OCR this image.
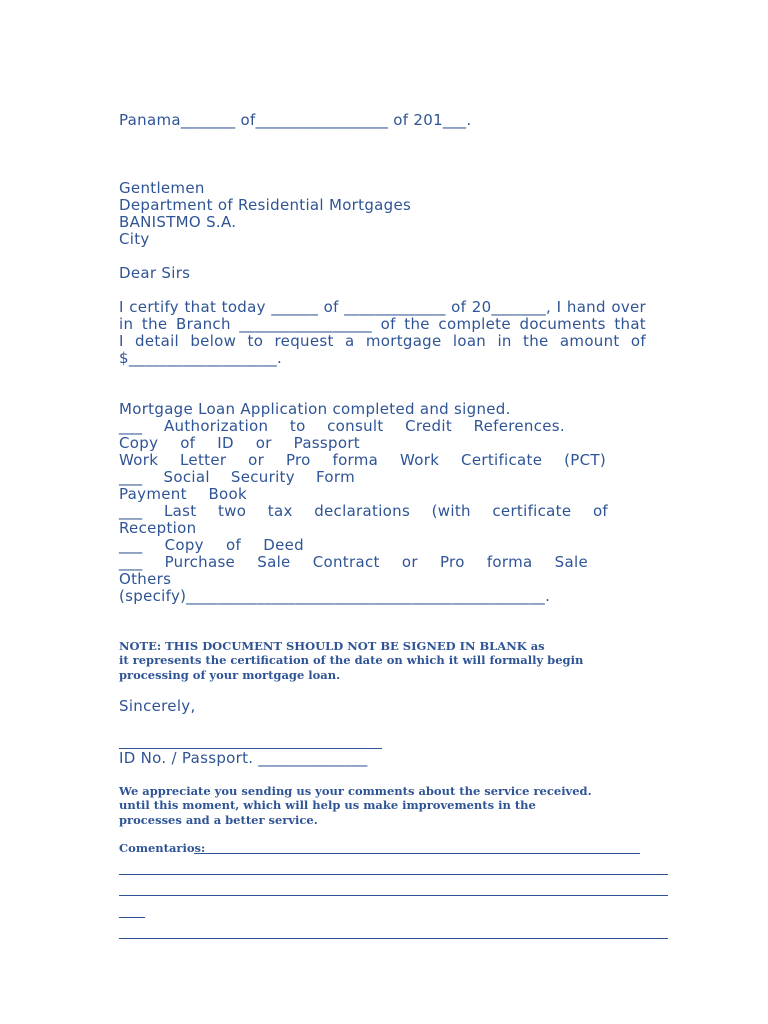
Panama_______ of_________________ of 201___.
Gentlemen
Department of Residential Mortgages
BANISTMO S.A.
City
Dear Sirs
I certify that today ______ of _____________ of 20_______, I hand over
in the Branch _________________ of the complete documents that
I detail below to request a mortgage loan in the amount of
$___________________.
Mortgage Loan Application completed and signed.
___ Authorization to consult Credit References.
Copy of ID or Passport
Work Letter or Pro forma Work Certificate (PCT)
___ Social Security Form
Payment Book
___ Last two tax declarations (with certificate of
Reception
___ Copy of Deed
___ Purchase Sale Contract or Pro forma Sale
Others
(specify)______________________________________________.
NOTE: THIS DOCUMENT SHOULD NOT BE SIGNED IN BLANK as
it represents the certification of the date on which it will formally begin
processing of your mortgage loan.
Sincerely,
ID No. / Passport. ______________
We appreciate you sending us your comments about the service received.
until this moment, which will help us make improvements in the
processes and a better service.
Comentarios:
